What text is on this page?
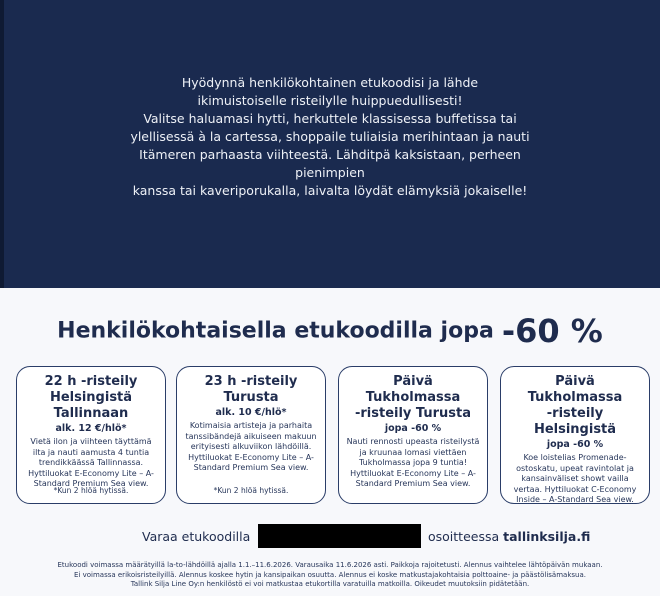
Hyödynnä henkilökohtainen etukoodisi ja lähde

ikimuistoiselle risteilylle huippuedullisesti!

Valitse haluamasi hytti, herkuttele klassisessa buffetissa tai

ylellisessä à la cartessa, shoppaile tuliaisia merihintaan ja nauti

Itämeren parhaasta viihteestä. Lähditpä kaksistaan, perheen pienimpien

kanssa tai kaveriporukalla, laivalta löydät elämyksiä jokaiselle!

Henkilökohtaisella etukoodilla jopa -60 %

22 h -risteily
Helsingistä Tallinnaan

alk. 12 €/hlö*

Vietä ilon ja viihteen täyttämä ilta ja nauti aamusta 4 tuntia trendikkäässä Tallinnassa. Hyttiluokat E-Economy Lite – A-Standard Premium Sea view.

*Kun 2 hlöä hytissä.

23 h -risteily
Turusta

alk. 10 €/hlö*

Kotimaisia artisteja ja parhaita tanssibändejä aikuiseen makuun erityisesti alkuviikon lähdöillä. Hyttiluokat E-Economy Lite – A-Standard Premium Sea view.

*Kun 2 hlöä hytissä.

Päivä Tukholmassa
-risteily Turusta

jopa -60 %

Nauti rennosti upeasta risteilystä ja kruunaa lomasi viettäen Tukholmassa jopa 9 tuntia! Hyttiluokat E-Economy Lite – A-Standard Premium Sea view.

Päivä Tukholmassa
-risteily Helsingistä

jopa -60 %

Koe loistelias Promenade-ostoskatu, upeat ravintolat ja kansainväliset showt vailla vertaa. Hyttiluokat C-Economy Inside – A-Standard Sea view.

Varaa etukoodilla	osoitteessa tallinksilja.fi

Etukoodi voimassa määrätyillä la-to-lähdöillä ajalla 1.1.–11.6.2026. Varausaika 11.6.2026 asti. Paikkoja rajoitetusti. Alennus vaihtelee lähtöpäivän mukaan.

Ei voimassa erikoisristeilyillä. Alennus koskee hytin ja kansipaikan osuutta. Alennus ei koske matkustajakohtaisia polttoaine- ja päästölisämaksua.

Tallink Silja Line Oy:n henkilöstö ei voi matkustaa etukortilla varatuilla matkoilla. Oikeudet muutoksiin pidätetään.
